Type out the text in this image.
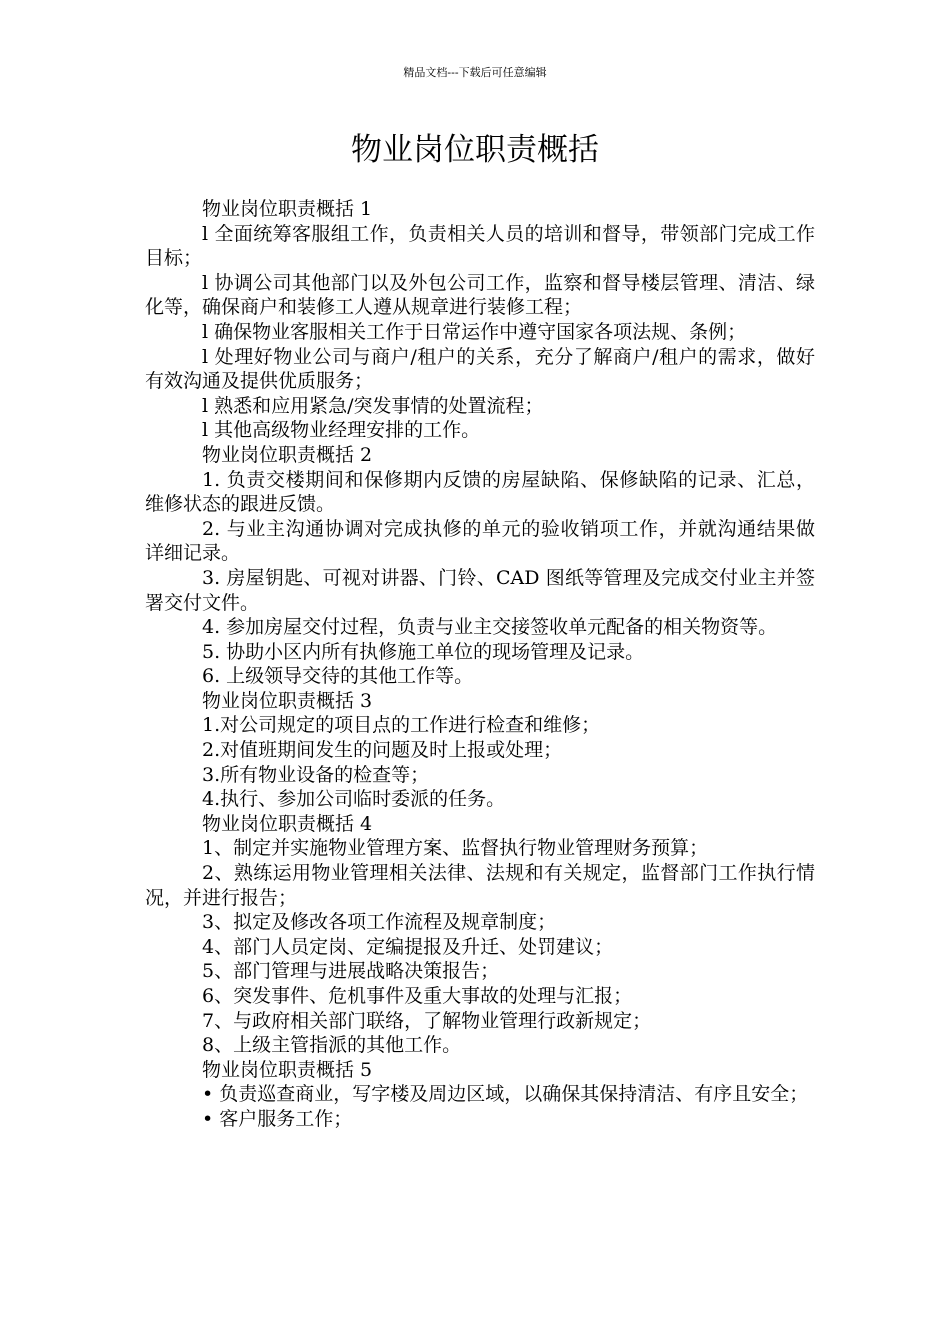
精品文档---下载后可任意编辑
物业岗位职责概括

物业岗位职责概括 1

l 全面统筹客服组工作，负责相关人员的培训和督导，带领部门完成工作目标；

l 协调公司其他部门以及外包公司工作，监察和督导楼层管理、清洁、绿化等，确保商户和装修工人遵从规章进行装修工程；

l 确保物业客服相关工作于日常运作中遵守国家各项法规、条例；

l 处理好物业公司与商户/租户的关系，充分了解商户/租户的需求，做好有效沟通及提供优质服务；

l 熟悉和应用紧急/突发事情的处置流程；

l 其他高级物业经理安排的工作。

物业岗位职责概括 2

1. 负责交楼期间和保修期内反馈的房屋缺陷、保修缺陷的记录、汇总，维修状态的跟进反馈。

2. 与业主沟通协调对完成执修的单元的验收销项工作，并就沟通结果做详细记录。

3. 房屋钥匙、可视对讲器、门铃、CAD 图纸等管理及完成交付业主并签署交付文件。

4. 参加房屋交付过程，负责与业主交接签收单元配备的相关物资等。

5. 协助小区内所有执修施工单位的现场管理及记录。

6. 上级领导交待的其他工作等。

物业岗位职责概括 3

1.对公司规定的项目点的工作进行检查和维修；

2.对值班期间发生的问题及时上报或处理；

3.所有物业设备的检查等；

4.执行、参加公司临时委派的任务。

物业岗位职责概括 4

1、制定并实施物业管理方案、监督执行物业管理财务预算；

2、熟练运用物业管理相关法律、法规和有关规定，监督部门工作执行情况，并进行报告；

3、拟定及修改各项工作流程及规章制度；

4、部门人员定岗、定编提报及升迁、处罚建议；

5、部门管理与进展战略决策报告；

6、突发事件、危机事件及重大事故的处理与汇报；

7、与政府相关部门联络，了解物业管理行政新规定；

8、上级主管指派的其他工作。

物业岗位职责概括 5

• 负责巡查商业，写字楼及周边区域，以确保其保持清洁、有序且安全；

• 客户服务工作；
